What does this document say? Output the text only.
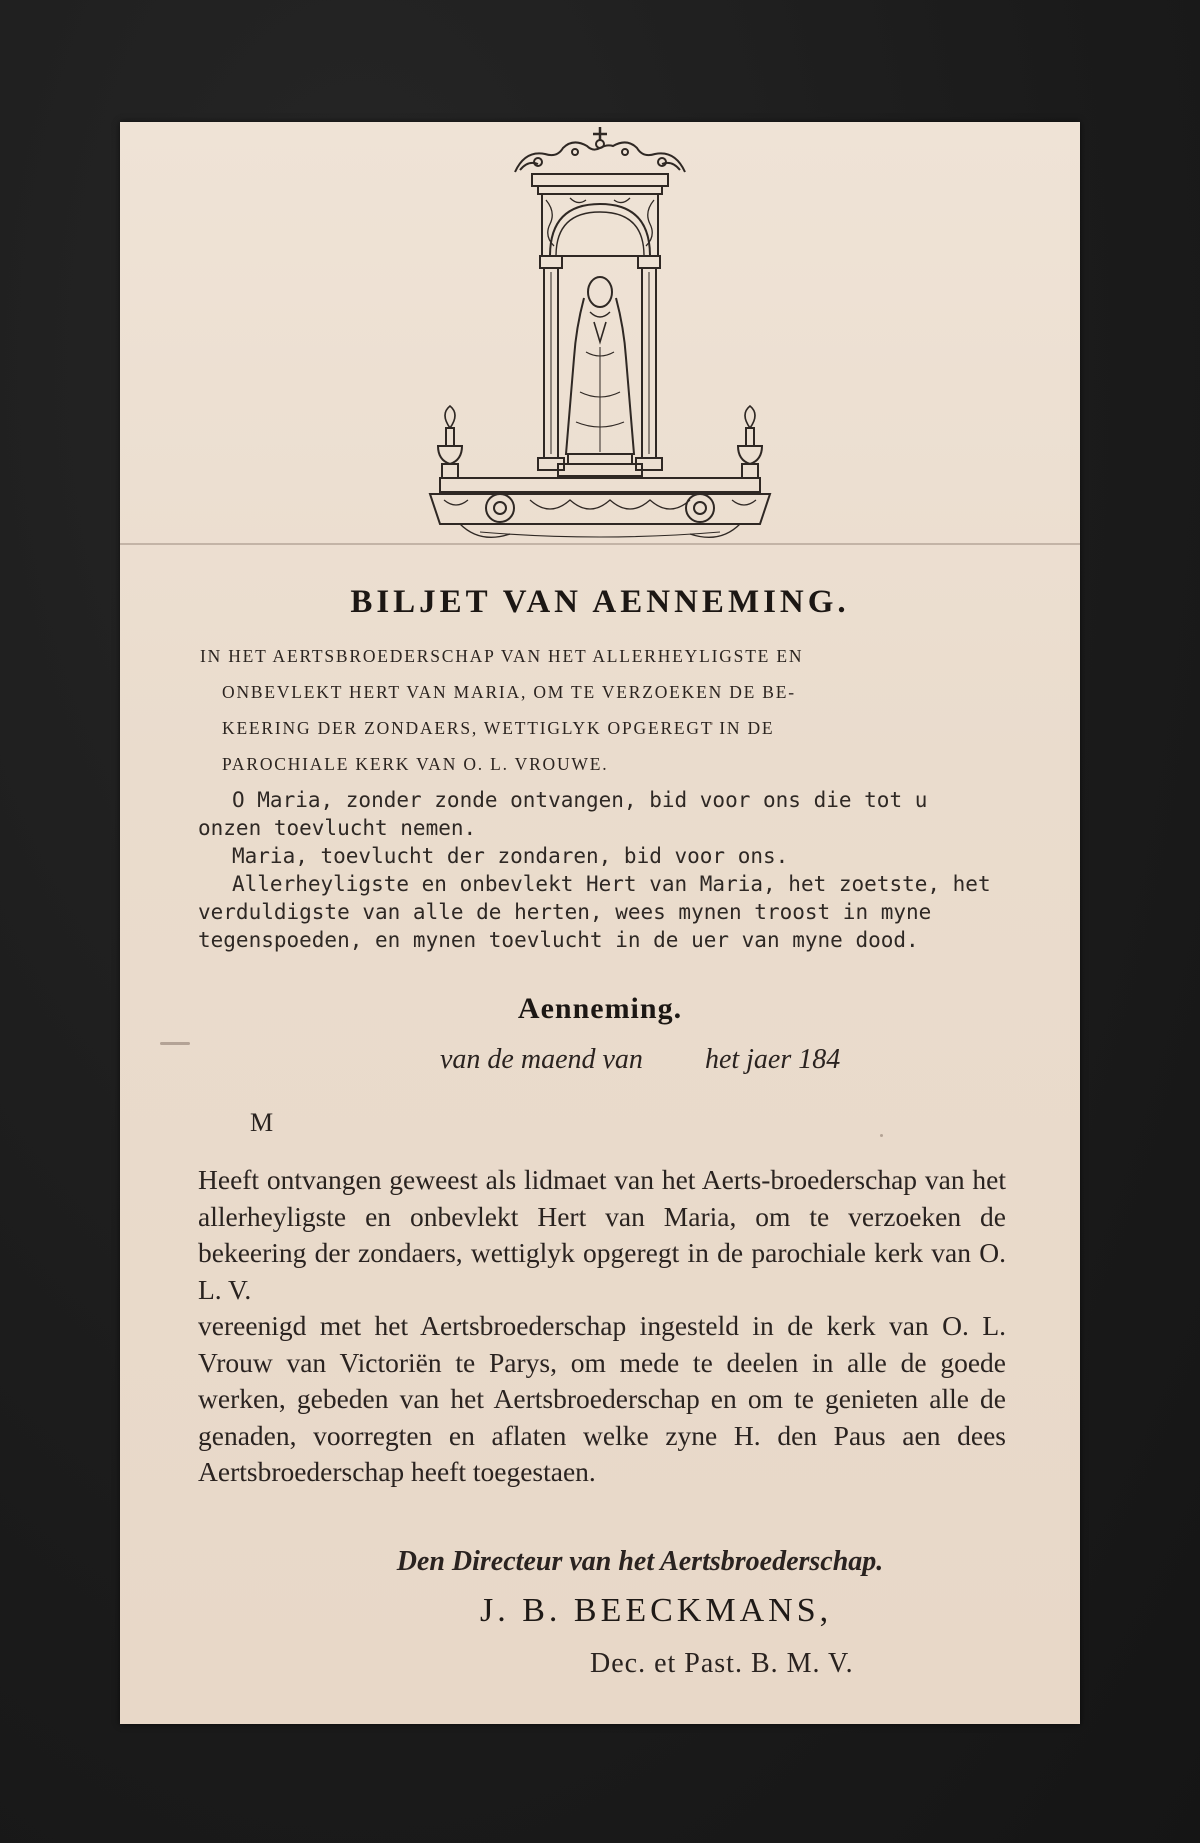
BILJET VAN AENNEMING.

IN HET AERTSBROEDERSCHAP VAN HET ALLERHEYLIGSTE EN

ONBEVLEKT HERT VAN MARIA, OM TE VERZOEKEN DE BE-

KEERING DER ZONDAERS, WETTIGLYK OPGEREGT IN DE

PAROCHIALE KERK VAN O. L. VROUWE.

O Maria, zonder zonde ontvangen, bid voor ons die tot u onzen toevlucht nemen.

Maria, toevlucht der zondaren, bid voor ons.

Allerheyligste en onbevlekt Hert van Maria, het zoetste, het verduldigste van alle de herten, wees mynen troost in myne tegenspoeden, en mynen toevlucht in de uer van myne dood.

Aenneming.
van de maend van het jaer 184
M

Heeft ontvangen geweest als lidmaet van het Aerts-broederschap van het allerheyligste en onbevlekt Hert van Maria, om te verzoeken de bekeering der zondaers, wettiglyk opgeregt in de parochiale kerk van O. L. V.

vereenigd met het Aertsbroederschap ingesteld in de kerk van O. L. Vrouw van Victoriën te Parys, om mede te deelen in alle de goede werken, gebeden van het Aertsbroederschap en om te genieten alle de genaden, voorregten en aflaten welke zyne H. den Paus aen dees Aertsbroederschap heeft toegestaen.

Den Directeur van het Aertsbroederschap.
J. B. BEECKMANS,
Dec. et Past. B. M. V.
